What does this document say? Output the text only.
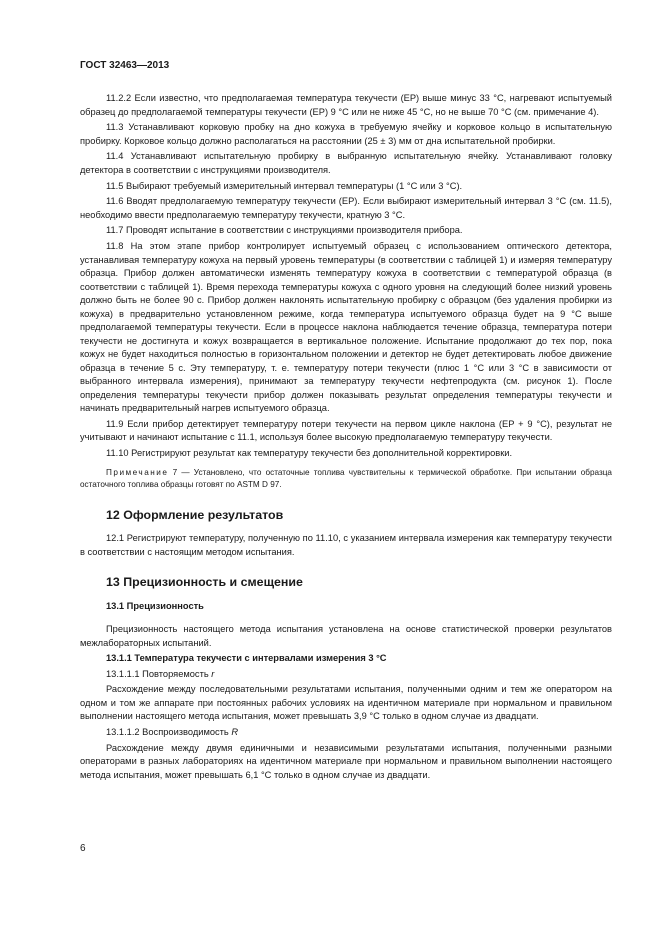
ГОСТ 32463—2013

11.2.2 Если известно, что предполагаемая температура текучести (ЕР) выше минус 33 °С, нагревают испытуемый образец до предполагаемой температуры текучести (ЕР) 9 °С или не ниже 45 °С, но не выше 70 °С (см. примечание 4).

11.3 Устанавливают корковую пробку на дно кожуха в требуемую ячейку и корковое кольцо в испытательную пробирку. Корковое кольцо должно располагаться на расстоянии (25 ± 3) мм от дна испытательной пробирки.

11.4 Устанавливают испытательную пробирку в выбранную испытательную ячейку. Устанавливают головку детектора в соответствии с инструкциями производителя.

11.5 Выбирают требуемый измерительный интервал температуры (1 °С или 3 °С).

11.6 Вводят предполагаемую температуру текучести (ЕР). Если выбирают измерительный интервал 3 °С (см. 11.5), необходимо ввести предполагаемую температуру текучести, кратную 3 °С.

11.7 Проводят испытание в соответствии с инструкциями производителя прибора.

11.8 На этом этапе прибор контролирует испытуемый образец с использованием оптического детектора, устанавливая температуру кожуха на первый уровень температуры (в соответствии с таблицей 1) и измеряя температуру образца. Прибор должен автоматически изменять температуру кожуха в соответствии с температурой образца (в соответствии с таблицей 1). Время перехода температуры кожуха с одного уровня на следующий более низкий уровень должно быть не более 90 с. Прибор должен наклонять испытательную пробирку с образцом (без удаления пробирки из кожуха) в предварительно установленном режиме, когда температура испытуемого образца будет на 9 °С выше предполагаемой температуры текучести. Если в процессе наклона наблюдается течение образца, температура потери текучести не достигнута и кожух возвращается в вертикальное положение. Испытание продолжают до тех пор, пока кожух не будет находиться полностью в горизонтальном положении и детектор не будет детектировать любое движение образца в течение 5 с. Эту температуру, т. е. температуру потери текучести (плюс 1 °С или 3 °С в зависимости от выбранного интервала измерения), принимают за температуру текучести нефтепродукта (см. рисунок 1). После определения температуры текучести прибор должен показывать результат определения температуры текучести и начинать предварительный нагрев испытуемого образца.

11.9 Если прибор детектирует температуру потери текучести на первом цикле наклона (ЕР + 9 °С), результат не учитывают и начинают испытание с 11.1, используя более высокую предполагаемую температуру текучести.

11.10 Регистрируют результат как температуру текучести без дополнительной корректировки.

Примечание 7 — Установлено, что остаточные топлива чувствительны к термической обработке. При испытании образца остаточного топлива образцы готовят по ASTM D 97.

12 Оформление результатов

12.1 Регистрируют температуру, полученную по 11.10, с указанием интервала измерения как температуру текучести в соответствии с настоящим методом испытания.

13 Прецизионность и смещение
13.1 Прецизионность

Прецизионность настоящего метода испытания установлена на основе статистической проверки результатов межлабораторных испытаний.

13.1.1 Температура текучести с интервалами измерения 3 °С

13.1.1.1 Повторяемость r

Расхождение между последовательными результатами испытания, полученными одним и тем же оператором на одном и том же аппарате при постоянных рабочих условиях на идентичном материале при нормальном и правильном выполнении настоящего метода испытания, может превышать 3,9 °С только в одном случае из двадцати.

13.1.1.2 Воспроизводимость R

Расхождение между двумя единичными и независимыми результатами испытания, полученными разными операторами в разных лабораториях на идентичном материале при нормальном и правильном выполнении настоящего метода испытания, может превышать 6,1 °С только в одном случае из двадцати.

6
